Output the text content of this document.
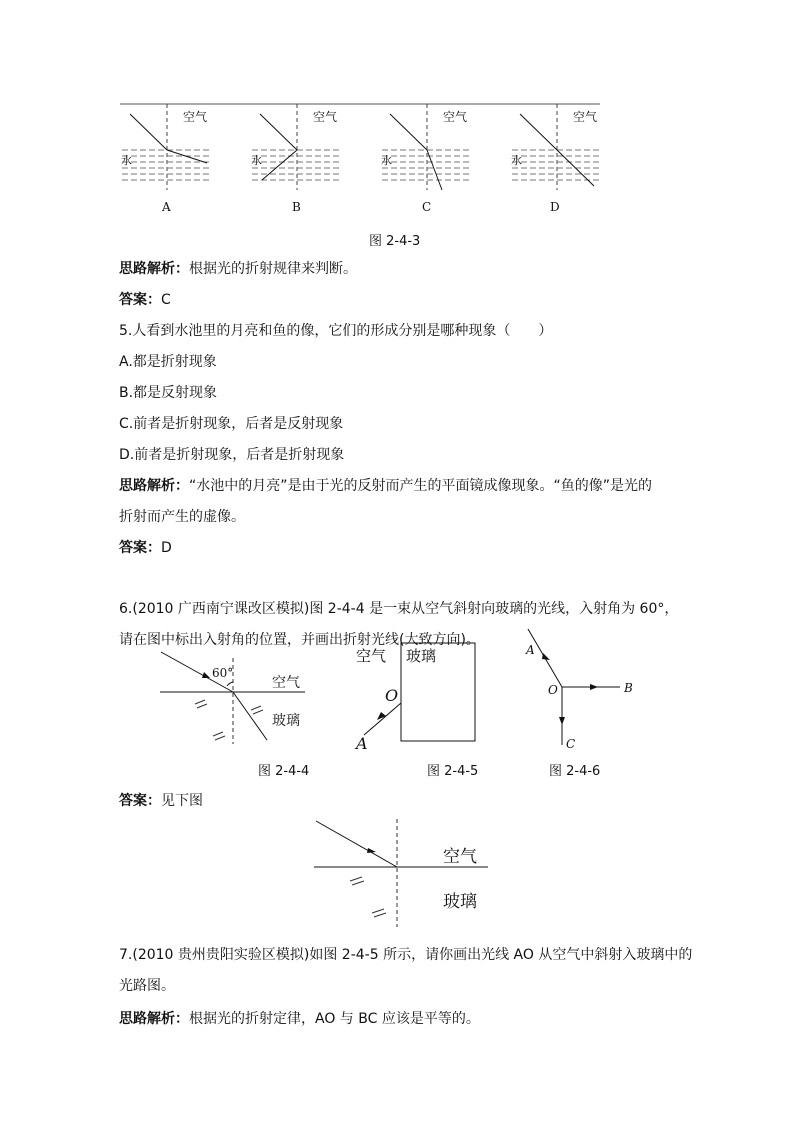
空气	空气	空气	空气
水	水	水	水
A	B	C	D
图 2-4-3
思路解析：根据光的折射规律来判断。
答案：C
5.人看到水池里的月亮和鱼的像，它们的形成分别是哪种现象（　　）
A.都是折射现象
B.都是反射现象
C.前者是折射现象，后者是反射现象
D.前者是折射现象，后者是折射现象
思路解析：“水池中的月亮”是由于光的反射而产生的平面镜成像现象。“鱼的像”是光的
折射而产生的虚像。
答案：D
6.(2010 广西南宁课改区模拟)图 2-4-4 是一束从空气斜射向玻璃的光线，入射角为 60°，
请在图中标出入射角的位置，并画出折射光线(大致方向)。
60°
空气
玻璃
图 2-4-4
空气 玻璃
O
A
图 2-4-5
A
O	B
C
图 2-4-6
答案：见下图
空气
玻璃
7.(2010 贵州贵阳实验区模拟)如图 2-4-5 所示，请你画出光线 AO 从空气中斜射入玻璃中的
光路图。
思路解析：根据光的折射定律，AO 与 BC 应该是平等的。
